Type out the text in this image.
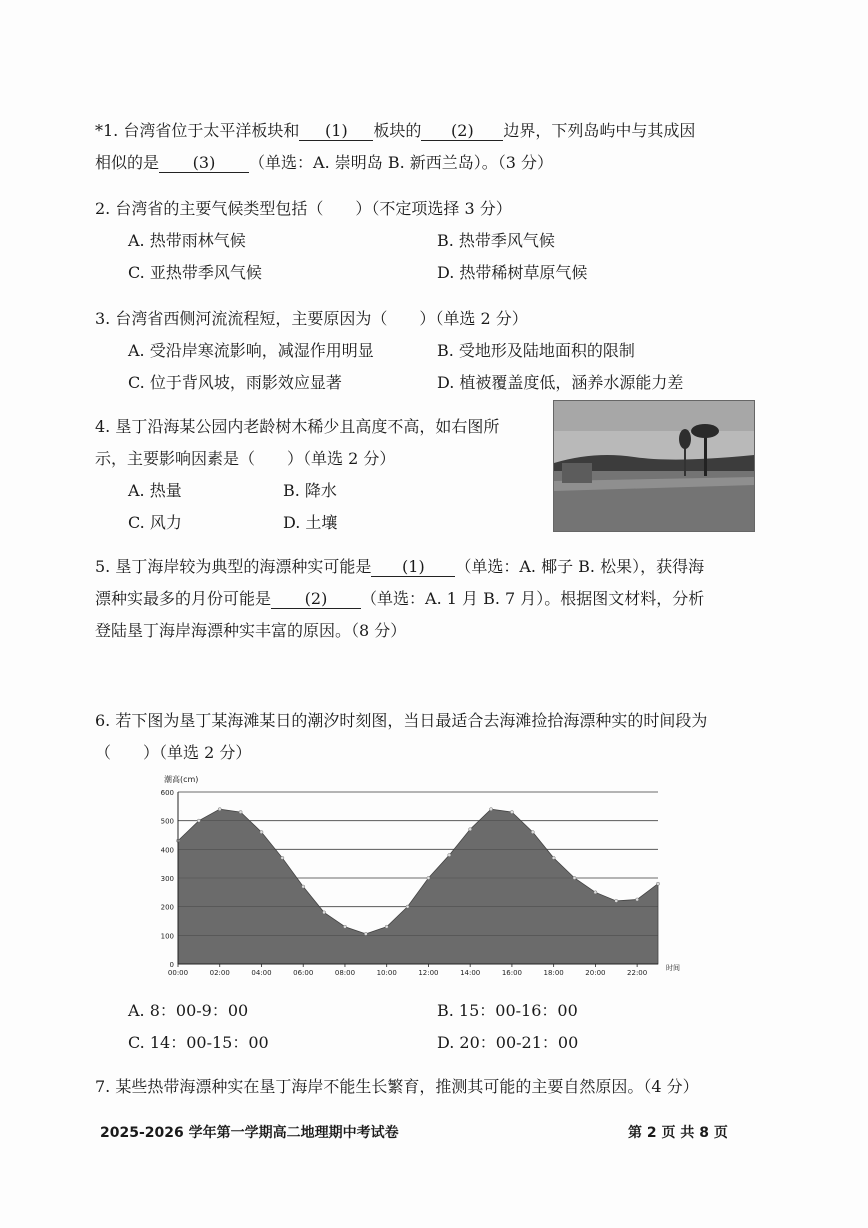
*1. 台湾省位于太平洋板块和 (1) 板块的 (2) 边界，下列岛屿中与其成因
相似的是 (3) （单选：A. 崇明岛 B. 新西兰岛）。（3 分）
2. 台湾省的主要气候类型包括（　　）（不定项选择 3 分）
A. 热带雨林气候	B. 热带季风气候
C. 亚热带季风气候	D. 热带稀树草原气候
3. 台湾省西侧河流流程短，主要原因为（　　）（单选 2 分）
A. 受沿岸寒流影响，减湿作用明显	B. 受地形及陆地面积的限制
C. 位于背风坡，雨影效应显著	D. 植被覆盖度低，涵养水源能力差
4. 垦丁沿海某公园内老龄树木稀少且高度不高，如右图所
示，主要影响因素是（　　）（单选 2 分）
A. 热量	B. 降水
C. 风力	D. 土壤
5. 垦丁海岸较为典型的海漂种实可能是 (1) （单选：A. 椰子 B. 松果），获得海
漂种实最多的月份可能是 (2) （单选：A. 1 月 B. 7 月）。根据图文材料，分析
登陆垦丁海岸海漂种实丰富的原因。（8 分）
6. 若下图为垦丁某海滩某日的潮汐时刻图，当日最适合去海滩捡拾海漂种实的时间段为
（　　）（单选 2 分）
潮高(cm)
0
100
200
300
400
500
600
00:00	02:00	04:00	06:00	08:00	10:00	12:00	14:00	16:00	18:00	20:00	22:00
时间
A. 8：00-9：00	B. 15：00-16：00
C. 14：00-15：00	D. 20：00-21：00
7. 某些热带海漂种实在垦丁海岸不能生长繁育，推测其可能的主要自然原因。（4 分）
2025-2026 学年第一学期高二地理期中考试卷	第 2 页 共 8 页
